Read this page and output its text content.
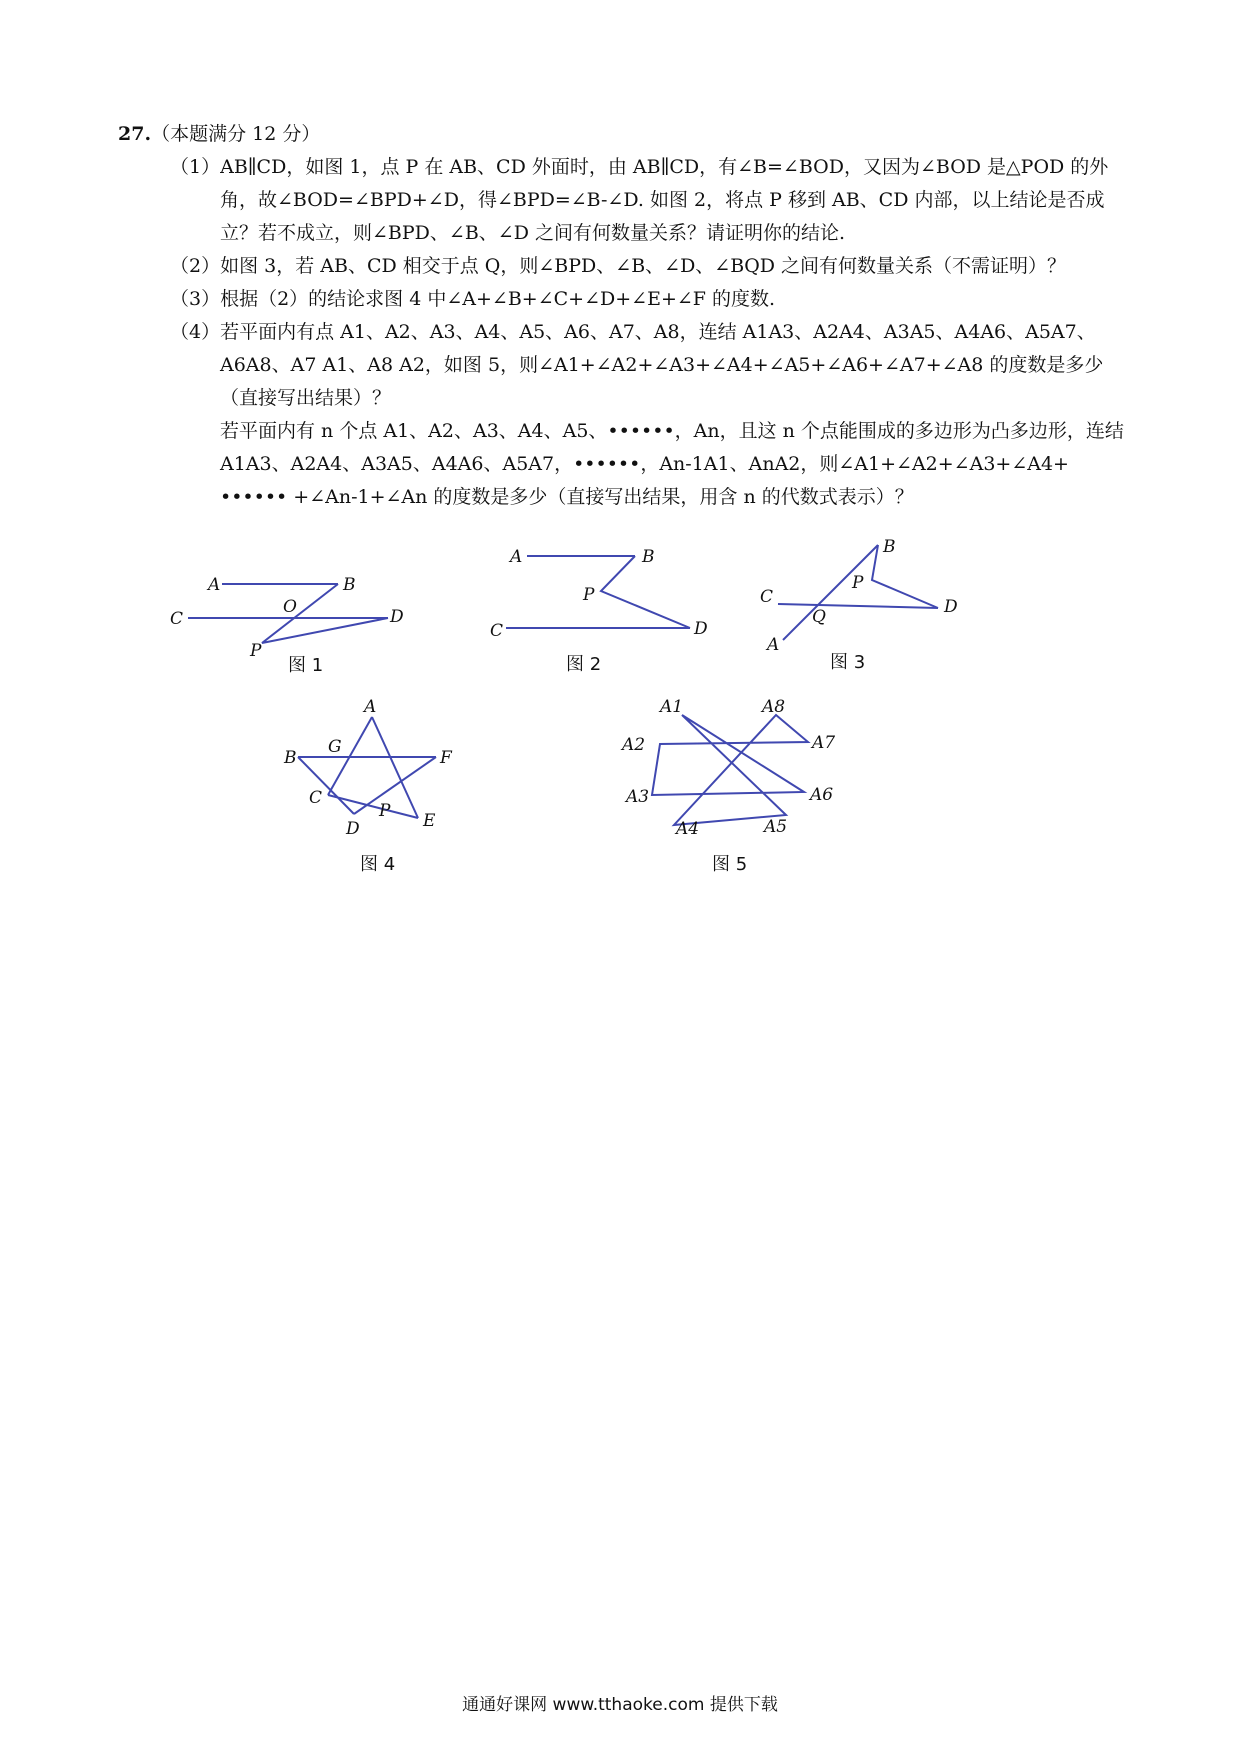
27.（本题满分 12 分）

（1）AB∥CD，如图 1，点 P 在 AB、CD 外面时，由 AB∥CD，有∠B=∠BOD，又因为∠BOD 是△POD 的外角，故∠BOD=∠BPD+∠D，得∠BPD=∠B-∠D. 如图 2，将点 P 移到 AB、CD 内部，以上结论是否成立？若不成立，则∠BPD、∠B、∠D 之间有何数量关系？请证明你的结论.

（2）如图 3，若 AB、CD 相交于点 Q，则∠BPD、∠B、∠D、∠BQD 之间有何数量关系（不需证明）？

（3）根据（2）的结论求图 4 中∠A+∠B+∠C+∠D+∠E+∠F 的度数.

（4）若平面内有点 A1、A2、A3、A4、A5、A6、A7、A8，连结 A1A3、A2A4、A3A5、A4A6、A5A7、A6A8、A7 A1、A8 A2，如图 5，则∠A1+∠A2+∠A3+∠A4+∠A5+∠A6+∠A7+∠A8 的度数是多少（直接写出结果）？

若平面内有 n 个点 A1、A2、A3、A4、A5、••••••，An，且这 n 个点能围成的多边形为凸多边形，连结 A1A3、A2A4、A3A5、A4A6、A5A7，••••••，An-1A1、AnA2，则∠A1+∠A2+∠A3+∠A4+ •••••• +∠An-1+∠An 的度数是多少（直接写出结果，用含 n 的代数式表示）？

A	B
C
O	D
P
图 1
A	B
P
C	D
图 2
B
P
C
Q	D
A
图 3
A
B
G
F
C
P E
D
图 4
A1	A8
A2	A7
A3	A6
A4	A5
图 5
通通好课网 www.tthaoke.com 提供下载
